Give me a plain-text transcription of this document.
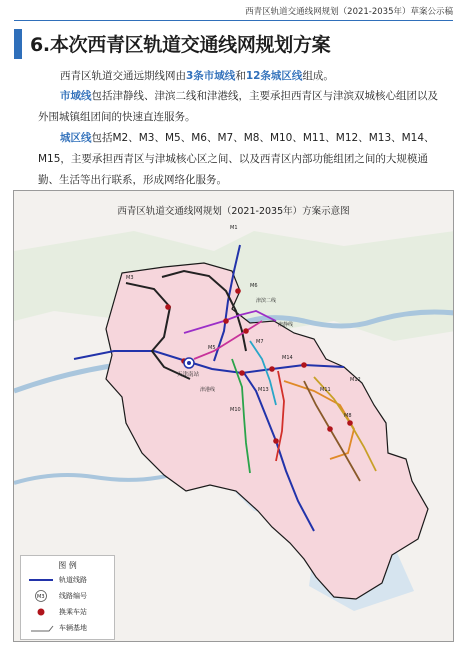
西青区轨道交通线网规划（2021-2035年）草案公示稿
6.本次西青区轨道交通线网规划方案
西青区轨道交通远期线网由3条市域线和12条城区线组成。
市域线包括津静线、津滨二线和津港线，主要承担西青区与津滨双城核心组团以及外围城镇组团间的快速直连服务。
城区线包括M2、M3、M5、M6、M7、M8、M10、M11、M12、M13、M14、M15，主要承担西青区与津城核心区之间、以及西青区内部功能组团之间的大规模通勤、生活等出行联系，形成网络化服务。
天津南站
津滨二线
津静线
津港线
M1
M3
M5
M6
M7
M8
M10
M11
M12
M13
M14
西青区轨道交通线网规划（2021-2035年）方案示意图
图 例
轨道线路
M3 线路编号
换乘车站
车辆基地
